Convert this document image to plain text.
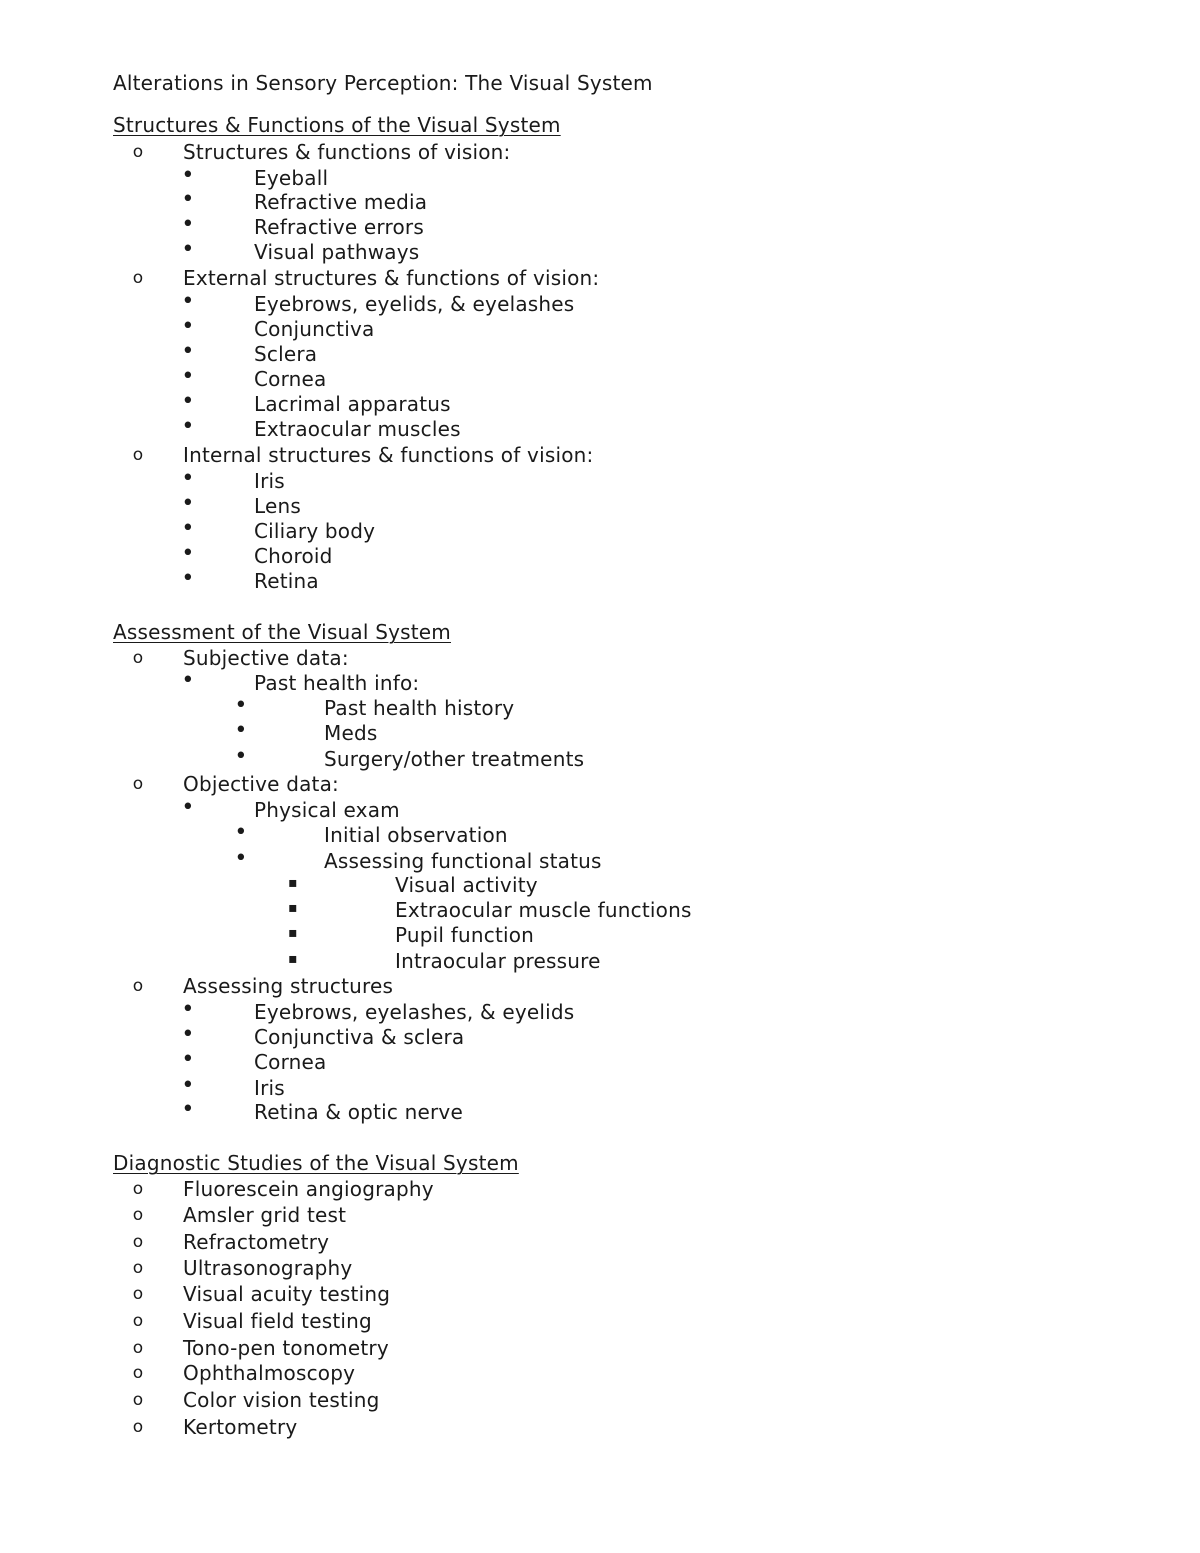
Alterations in Sensory Perception: The Visual System
Structures & Functions of the Visual System
o Structures & functions of vision:
•	Eyeball
•	Refractive media
•	Refractive errors
•	Visual pathways
o External structures & functions of vision:
•	Eyebrows, eyelids, & eyelashes
•	Conjunctiva
•	Sclera
•	Cornea
•	Lacrimal apparatus
•	Extraocular muscles
o Internal structures & functions of vision:
•	Iris
•	Lens
•	Ciliary body
•	Choroid
•	Retina
Assessment of the Visual System
o Subjective data:
•	Past health info:
•	Past health history
•	Meds
•	Surgery/other treatments
o Objective data:
•	Physical exam
•	Initial observation
•	Assessing functional status
▪	Visual activity
▪	Extraocular muscle functions
▪	Pupil function
▪	Intraocular pressure
o Assessing structures
•	Eyebrows, eyelashes, & eyelids
•	Conjunctiva & sclera
•	Cornea
•	Iris
•	Retina & optic nerve
Diagnostic Studies of the Visual System
o Fluorescein angiography
o Amsler grid test
o Refractometry
o Ultrasonography
o Visual acuity testing
o Visual field testing
o Tono-pen tonometry
o Ophthalmoscopy
o Color vision testing
o Kertometry
